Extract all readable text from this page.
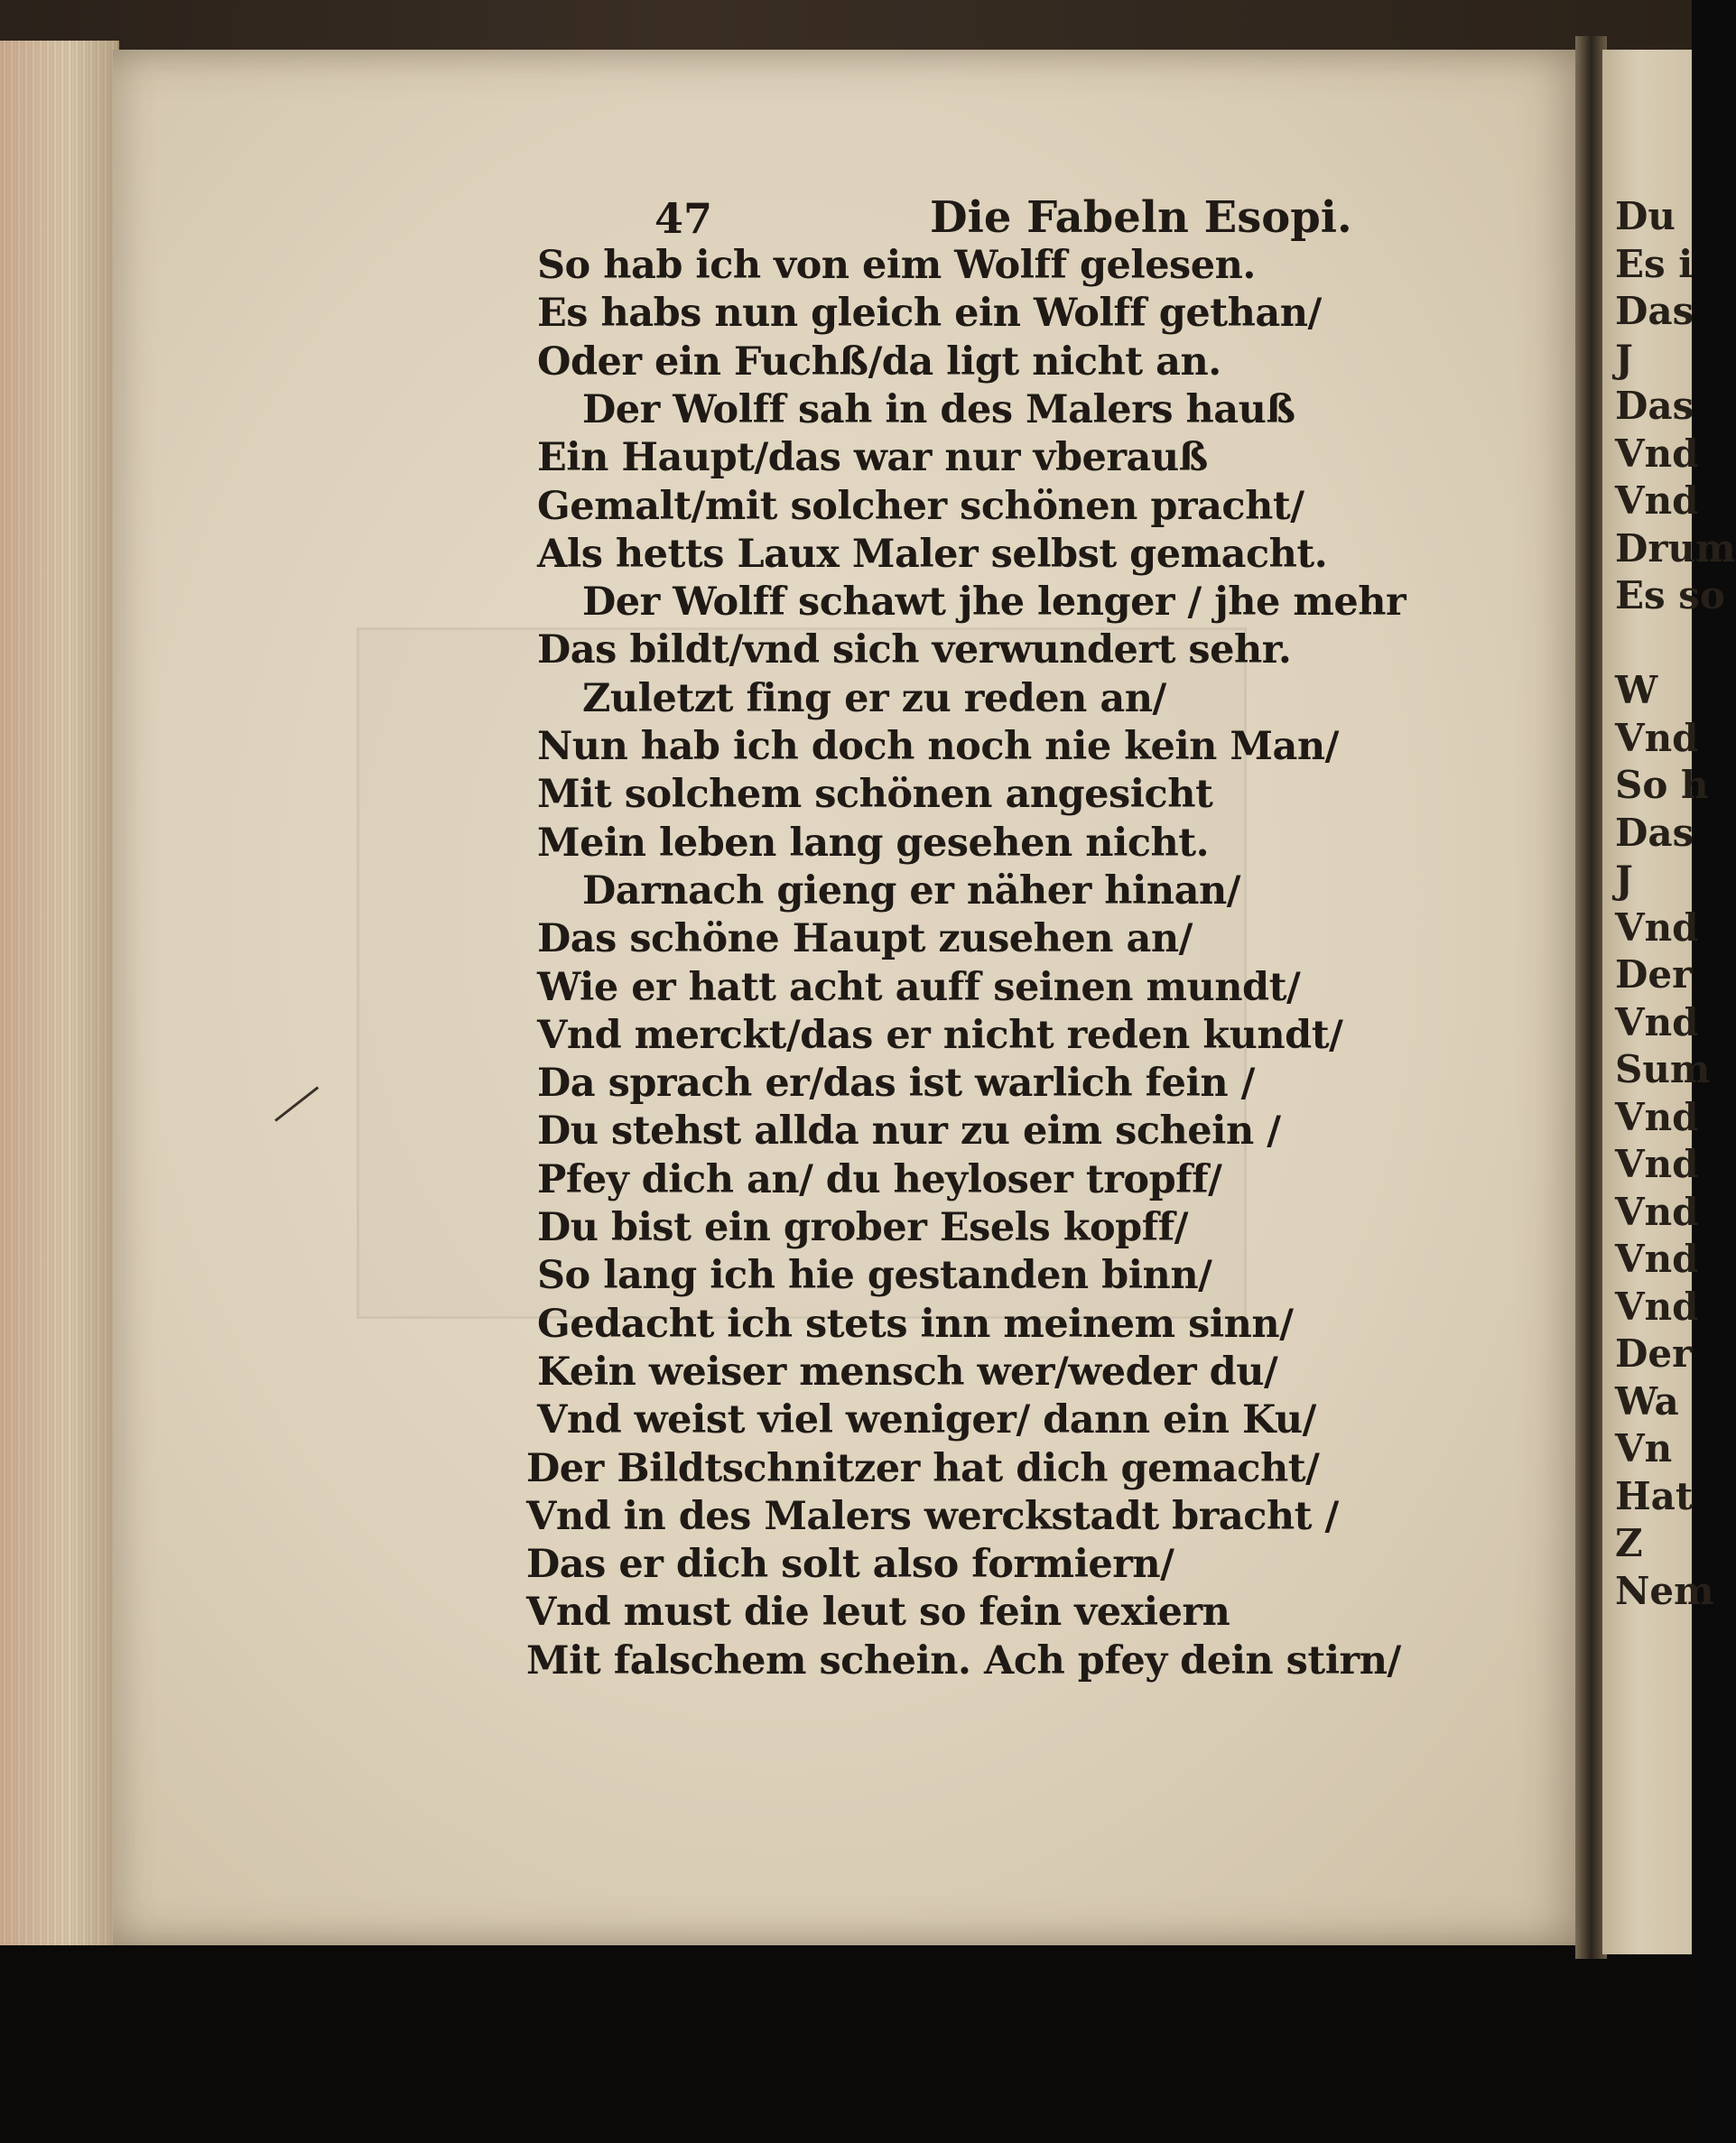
47	Die Fabeln Esopi.
So hab ich von eim Wolff gelesen.
Es habs nun gleich ein Wolff gethan/
Oder ein Fuchß/da ligt nicht an.
Der Wolff sah in des Malers hauß
Ein Haupt/das war nur vberauß
Gemalt/mit solcher schönen pracht/
Als hetts Laux Maler selbst gemacht.
Der Wolff schawt jhe lenger / jhe mehr
Das bildt/vnd sich verwundert sehr.
Zuletzt fing er zu reden an/
Nun hab ich doch noch nie kein Man/
Mit solchem schönen angesicht
Mein leben lang gesehen nicht.
Darnach gieng er näher hinan/
Das schöne Haupt zusehen an/
Wie er hatt acht auff seinen mundt/
Vnd merckt/das er nicht reden kundt/
Da sprach er/das ist warlich fein /
Du stehst allda nur zu eim schein /
Pfey dich an/ du heyloser tropff/
Du bist ein grober Esels kopff/
So lang ich hie gestanden binn/
Gedacht ich stets inn meinem sinn/
Kein weiser mensch wer/weder du/
Vnd weist viel weniger/ dann ein Ku/
Der Bildtschnitzer hat dich gemacht/
Vnd in des Malers werckstadt bracht /
Das er dich solt also formiern/
Vnd must die leut so fein vexiern
Mit falschem schein. Ach pfey dein stirn/
Du
Es i
Das
J
Das
Vnd
Vnd
Drum
Es so
W
Vnd
So h
Das
J
Vnd
Der
Vnd
Sum
Vnd
Vnd
Vnd
Vnd
Vnd
Der
Wa
Vn
Hat
Z
Nem
